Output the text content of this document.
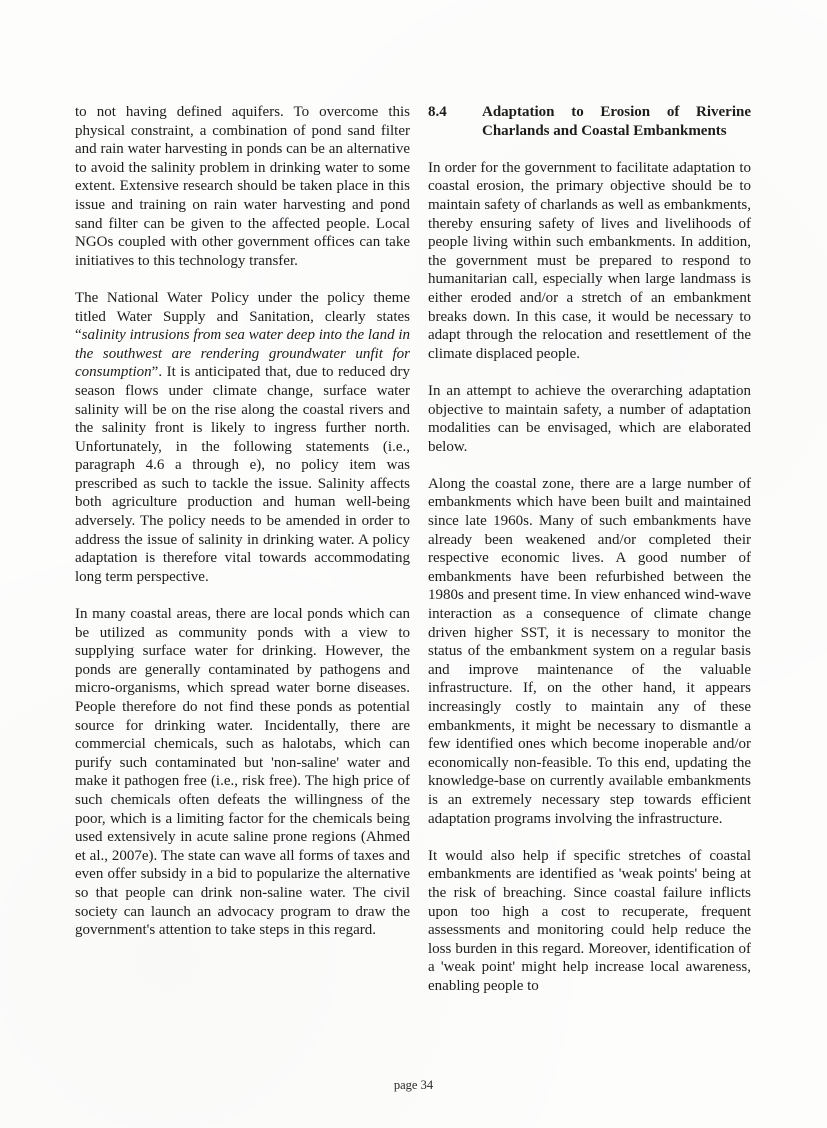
to not having defined aquifers. To overcome this physical constraint, a combination of pond sand filter and rain water harvesting in ponds can be an alternative to avoid the salinity problem in drinking water to some extent. Extensive research should be taken place in this issue and training on rain water harvesting and pond sand filter can be given to the affected people. Local NGOs coupled with other government offices can take initiatives to this technology transfer.

The National Water Policy under the policy theme titled Water Supply and Sanitation, clearly states “salinity intrusions from sea water deep into the land in the southwest are rendering groundwater unfit for consumption”. It is anticipated that, due to reduced dry season flows under climate change, surface water salinity will be on the rise along the coastal rivers and the salinity front is likely to ingress further north. Unfortunately, in the following statements (i.e., paragraph 4.6 a through e), no policy item was prescribed as such to tackle the issue. Salinity affects both agriculture production and human well-being adversely. The policy needs to be amended in order to address the issue of salinity in drinking water. A policy adaptation is therefore vital towards accommodating long term perspective.

In many coastal areas, there are local ponds which can be utilized as community ponds with a view to supplying surface water for drinking. However, the ponds are generally contaminated by pathogens and micro-organisms, which spread water borne diseases. People therefore do not find these ponds as potential source for drinking water. Incidentally, there are commercial chemicals, such as halotabs, which can purify such contaminated but 'non-saline' water and make it pathogen free (i.e., risk free). The high price of such chemicals often defeats the willingness of the poor, which is a limiting factor for the chemicals being used extensively in acute saline prone regions (Ahmed et al., 2007e). The state can wave all forms of taxes and even offer subsidy in a bid to popularize the alternative so that people can drink non-saline water. The civil society can launch an advocacy program to draw the government's attention to take steps in this regard.

8.4	Adaptation to Erosion of Riverine Charlands and Coastal Embankments

In order for the government to facilitate adaptation to coastal erosion, the primary objective should be to maintain safety of charlands as well as embankments, thereby ensuring safety of lives and livelihoods of people living within such embankments. In addition, the government must be prepared to respond to humanitarian call, especially when large landmass is either eroded and/or a stretch of an embankment breaks down. In this case, it would be necessary to adapt through the relocation and resettlement of the climate displaced people.

In an attempt to achieve the overarching adaptation objective to maintain safety, a number of adaptation modalities can be envisaged, which are elaborated below.

Along the coastal zone, there are a large number of embankments which have been built and maintained since late 1960s. Many of such embankments have already been weakened and/or completed their respective economic lives. A good number of embankments have been refurbished between the 1980s and present time. In view enhanced wind-wave interaction as a consequence of climate change driven higher SST, it is necessary to monitor the status of the embankment system on a regular basis and improve maintenance of the valuable infrastructure. If, on the other hand, it appears increasingly costly to maintain any of these embankments, it might be necessary to dismantle a few identified ones which become inoperable and/or economically non-feasible. To this end, updating the knowledge-base on currently available embankments is an extremely necessary step towards efficient adaptation programs involving the infrastructure.

It would also help if specific stretches of coastal embankments are identified as 'weak points' being at the risk of breaching. Since coastal failure inflicts upon too high a cost to recuperate, frequent assessments and monitoring could help reduce the loss burden in this regard. Moreover, identification of a 'weak point' might help increase local awareness, enabling people to

page 34
